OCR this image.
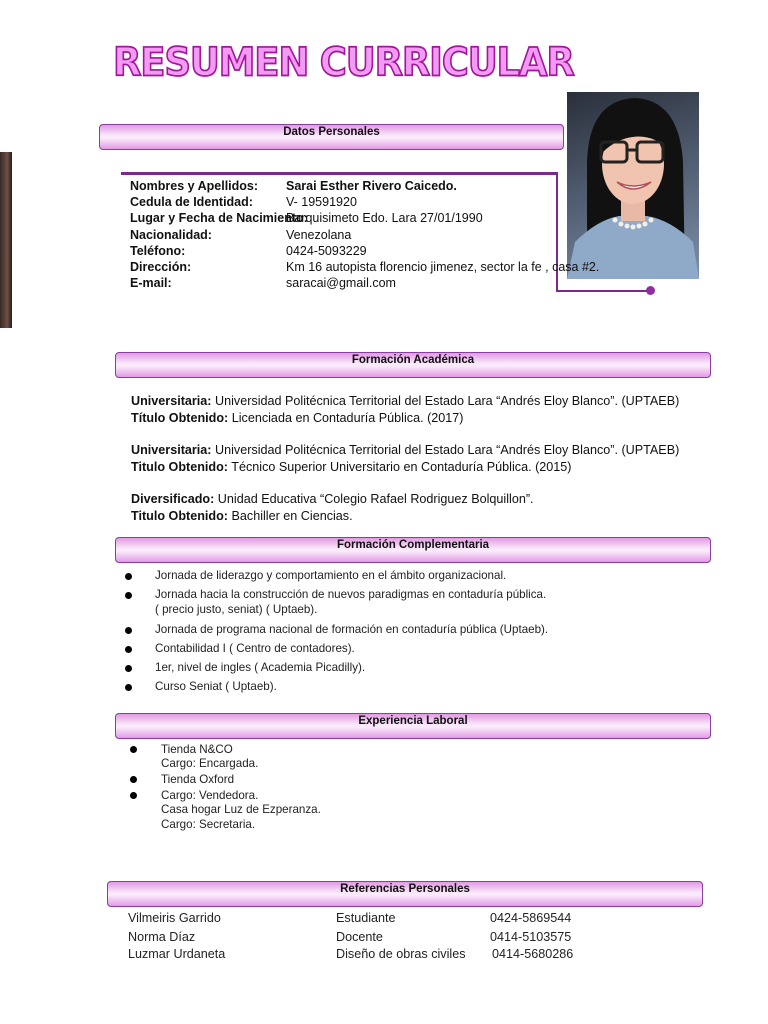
RESUMEN CURRICULAR
Datos Personales
Nombres y Apellidos: Sarai Esther Rivero Caicedo.
Cedula de Identidad:	V- 19591920
Lugar y Fecha de Nacimiento:
Barquisimeto Edo. Lara 27/01/1990
Nacionalidad:	Venezolana
Teléfono:	0424-5093229
Dirección:	Km 16 autopista florencio jimenez, sector la fe , casa #2.
E-mail:	saracai@gmail.com
Formación Académica
Universitaria: Universidad Politécnica Territorial del Estado Lara “Andrés Eloy Blanco”. (UPTAEB)
Título Obtenido: Licenciada en Contaduría Pública. (2017)
Universitaria: Universidad Politécnica Territorial del Estado Lara “Andrés Eloy Blanco”. (UPTAEB)
Titulo Obtenido: Técnico Superior Universitario en Contaduría Pública. (2015)
Diversificado: Unidad Educativa “Colegio Rafael Rodriguez Bolquillon”.
Titulo Obtenido: Bachiller en Ciencias.
Formación Complementaria
Jornada de liderazgo y comportamiento en el ámbito organizacional.
Jornada hacia la construcción de nuevos paradigmas en contaduría pública.
( precio justo, seniat) ( Uptaeb).
Jornada de programa nacional de formación en contaduría pública (Uptaeb).
Contabilidad I ( Centro de contadores).
1er, nivel de ingles ( Academia Picadilly).
Curso Seniat ( Uptaeb).
Experiencia Laboral
Tienda N&CO
Cargo: Encargada.
Tienda Oxford
Cargo: Vendedora.
Casa hogar Luz de Ezperanza.
Cargo: Secretaria.
Referencias Personales
Vilmeiris Garrido	Estudiante	0424-5869544
Norma Díaz	Docente	0414-5103575
Luzmar Urdaneta	Diseño de obras civiles 0414-5680286
